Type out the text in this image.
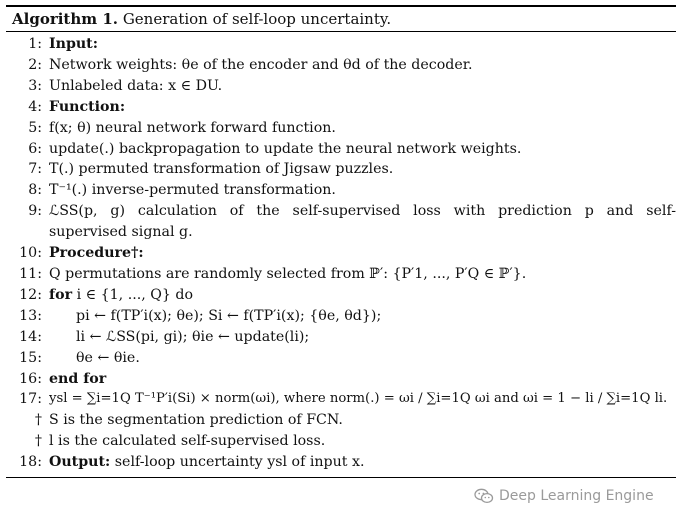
Algorithm 1. Generation of self-loop uncertainty.
1: Input:
2: Network weights: θe of the encoder and θd of the decoder.
3: Unlabeled data: x ∈ DU.
4: Function:
5: f(x; θ) neural network forward function.
6: update(.) backpropagation to update the neural network weights.
7: T(.) permuted transformation of Jigsaw puzzles.
8: T⁻¹(.) inverse-permuted transformation.
9: ℒSS(p, g) calculation of the self-supervised loss with prediction p and self-
supervised signal g.
10: Procedure†:
11: Q permutations are randomly selected from ℙ′: {P′1, ..., P′Q ∈ ℙ′}.
12: for i ∈ {1, ..., Q} do
13:	pi ← f(TP′i(x); θe); Si ← f(TP′i(x); {θe, θd});
14:	li ← ℒSS(pi, gi); θie ← update(li);
15:	θe ← θie.
16: end for
17: ysl = ∑i=1Q T⁻¹P′i(Si) × norm(ωi), where norm(.) = ωi / ∑i=1Q ωi and ωi = 1 − li / ∑i=1Q li.
† S is the segmentation prediction of FCN.
† l is the calculated self-supervised loss.
18: Output: self-loop uncertainty ysl of input x.
Deep Learning Engine
